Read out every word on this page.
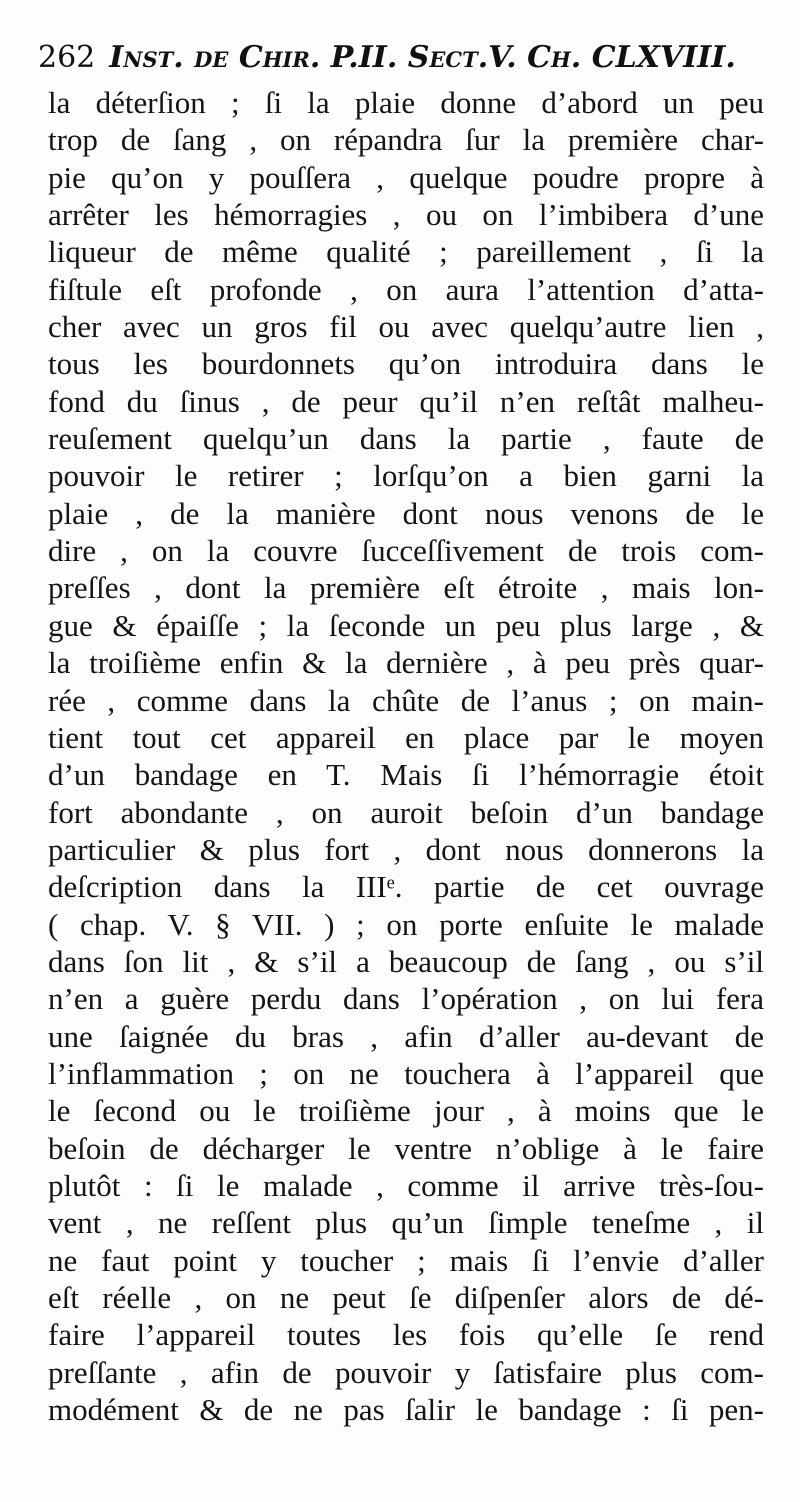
262 Inst. de Chir. P.II. Sect.V. Ch. CLXVIII.
la déterſion ; ſi la plaie donne d’abord un peu
trop de ſang , on répandra ſur la première char-
pie qu’on y pouſſera , quelque poudre propre à
arrêter les hémorragies , ou on l’imbibera d’une
liqueur de même qualité ; pareillement , ſi la
fiſtule eſt profonde , on aura l’attention d’atta-
cher avec un gros fil ou avec quelqu’autre lien ,
tous les bourdonnets qu’on introduira dans le
fond du ſinus , de peur qu’il n’en reſtât malheu-
reuſement quelqu’un dans la partie , faute de
pouvoir le retirer ; lorſqu’on a bien garni la
plaie , de la manière dont nous venons de le
dire , on la couvre ſucceſſivement de trois com-
preſſes , dont la première eſt étroite , mais lon-
gue & épaiſſe ; la ſeconde un peu plus large , &
la troiſième enfin & la dernière , à peu près quar-
rée , comme dans la chûte de l’anus ; on main-
tient tout cet appareil en place par le moyen
d’un bandage en T. Mais ſi l’hémorragie étoit
fort abondante , on auroit beſoin d’un bandage
particulier & plus fort , dont nous donnerons la
deſcription dans la IIIᵉ. partie de cet ouvrage
( chap. V. § VII. ) ; on porte enſuite le malade
dans ſon lit , & s’il a beaucoup de ſang , ou s’il
n’en a guère perdu dans l’opération , on lui fera
une ſaignée du bras , afin d’aller au-devant de
l’inflammation ; on ne touchera à l’appareil que
le ſecond ou le troiſième jour , à moins que le
beſoin de décharger le ventre n’oblige à le faire
plutôt : ſi le malade , comme il arrive très-ſou-
vent , ne reſſent plus qu’un ſimple teneſme , il
ne faut point y toucher ; mais ſi l’envie d’aller
eſt réelle , on ne peut ſe diſpenſer alors de dé-
faire l’appareil toutes les fois qu’elle ſe rend
preſſante , afin de pouvoir y ſatisfaire plus com-
modément & de ne pas ſalir le bandage : ſi pen-
